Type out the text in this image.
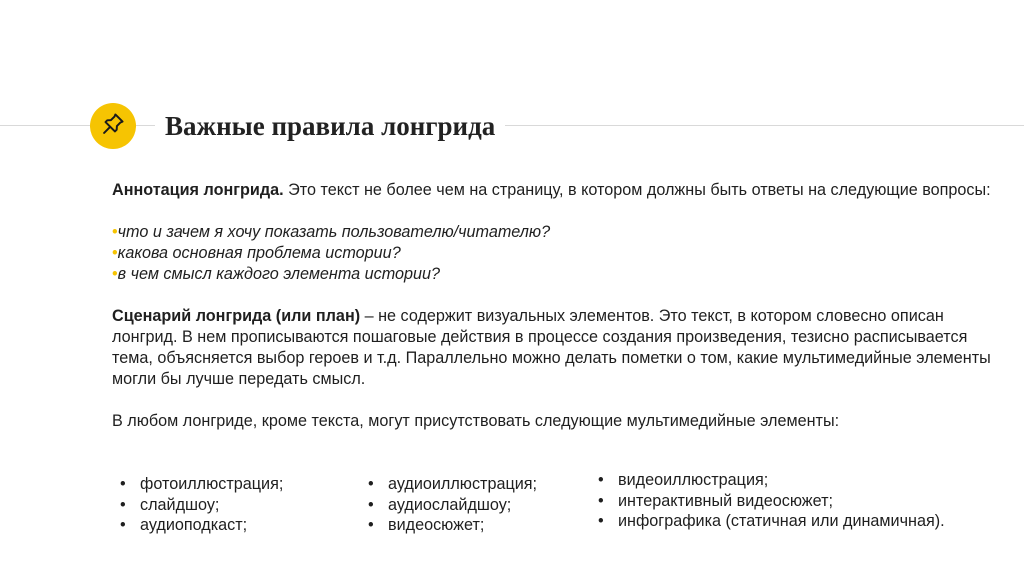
Важные правила лонгрида

Аннотация лонгрида. Это текст не более чем на страницу, в котором должны быть ответы на следующие вопросы:

•что и зачем я хочу показать пользователю/читателю?
•какова основная проблема истории?
•в чем смысл каждого элемента истории?

Сценарий лонгрида (или план) – не содержит визуальных элементов. Это текст, в котором словесно описан лонгрид. В нем прописываются пошаговые действия в процессе создания произведения, тезисно расписывается тема, объясняется выбор героев и т.д. Параллельно можно делать пометки о том, какие мультимедийные элементы могли бы лучше передать смысл.

В любом лонгриде, кроме текста, могут присутствовать следующие мультимедийные элементы:

• фотоиллюстрация;
• слайдшоу;
• аудиоподкаст;
• аудиоиллюстрация;
• аудиослайдшоу;
• видеосюжет;
• видеоиллюстрация;
• интерактивный видеосюжет;
• инфографика (статичная или динамичная).
